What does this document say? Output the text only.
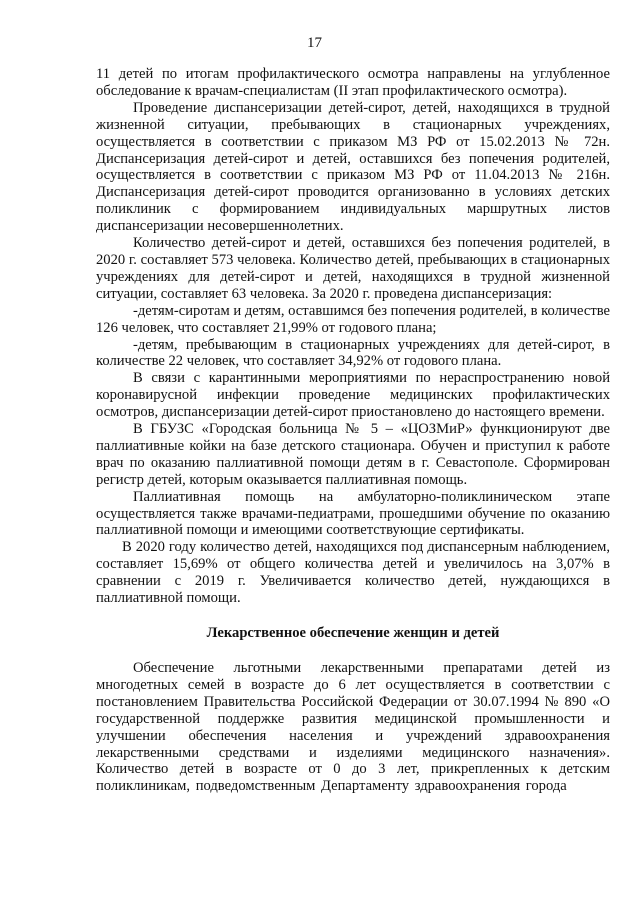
17

11 детей по итогам профилактического осмотра направлены на углубленное обследование к врачам-специалистам (II этап профилактического осмотра).

Проведение диспансеризации детей-сирот, детей, находящихся в трудной жизненной ситуации, пребывающих в стационарных учреждениях, осуществляется в соответствии с приказом МЗ РФ от 15.02.2013 № 72н. Диспансеризация детей-сирот и детей, оставшихся без попечения родителей, осуществляется в соответствии с приказом МЗ РФ от 11.04.2013 № 216н. Диспансеризация детей-сирот проводится организованно в условиях детских поликлиник с формированием индивидуальных маршрутных листов диспансеризации несовершеннолетних.

Количество детей-сирот и детей, оставшихся без попечения родителей, в 2020 г. составляет 573 человека. Количество детей, пребывающих в стационарных учреждениях для детей-сирот и детей, находящихся в трудной жизненной ситуации, составляет 63 человека. За 2020 г. проведена диспансеризация:

-детям-сиротам и детям, оставшимся без попечения родителей, в количестве 126 человек, что составляет 21,99% от годового плана;

-детям, пребывающим в стационарных учреждениях для детей-сирот, в количестве 22 человек, что составляет 34,92% от годового плана.

В связи с карантинными мероприятиями по нераспространению новой коронавирусной инфекции проведение медицинских профилактических осмотров, диспансеризации детей-сирот приостановлено до настоящего времени.

В ГБУЗС «Городская больница № 5 – «ЦОЗМиР» функционируют две паллиативные койки на базе детского стационара. Обучен и приступил к работе врач по оказанию паллиативной помощи детям в г. Севастополе. Сформирован регистр детей, которым оказывается паллиативная помощь.

Паллиативная помощь на амбулаторно-поликлиническом этапе осуществляется также врачами-педиатрами, прошедшими обучение по оказанию паллиативной помощи и имеющими соответствующие сертификаты.

В 2020 году количество детей, находящихся под диспансерным наблюдением, составляет 15,69% от общего количества детей и увеличилось на 3,07% в сравнении с 2019 г. Увеличивается количество детей, нуждающихся в паллиативной помощи.

Лекарственное обеспечение женщин и детей

Обеспечение льготными лекарственными препаратами детей из многодетных семей в возрасте до 6 лет осуществляется в соответствии с постановлением Правительства Российской Федерации от 30.07.1994 № 890 «О государственной поддержке развития медицинской промышленности и улучшении обеспечения населения и учреждений здравоохранения лекарственными средствами и изделиями медицинского назначения». Количество детей в возрасте от 0 до 3 лет, прикрепленных к детским поликлиникам, подведомственным Департаменту здравоохранения города
